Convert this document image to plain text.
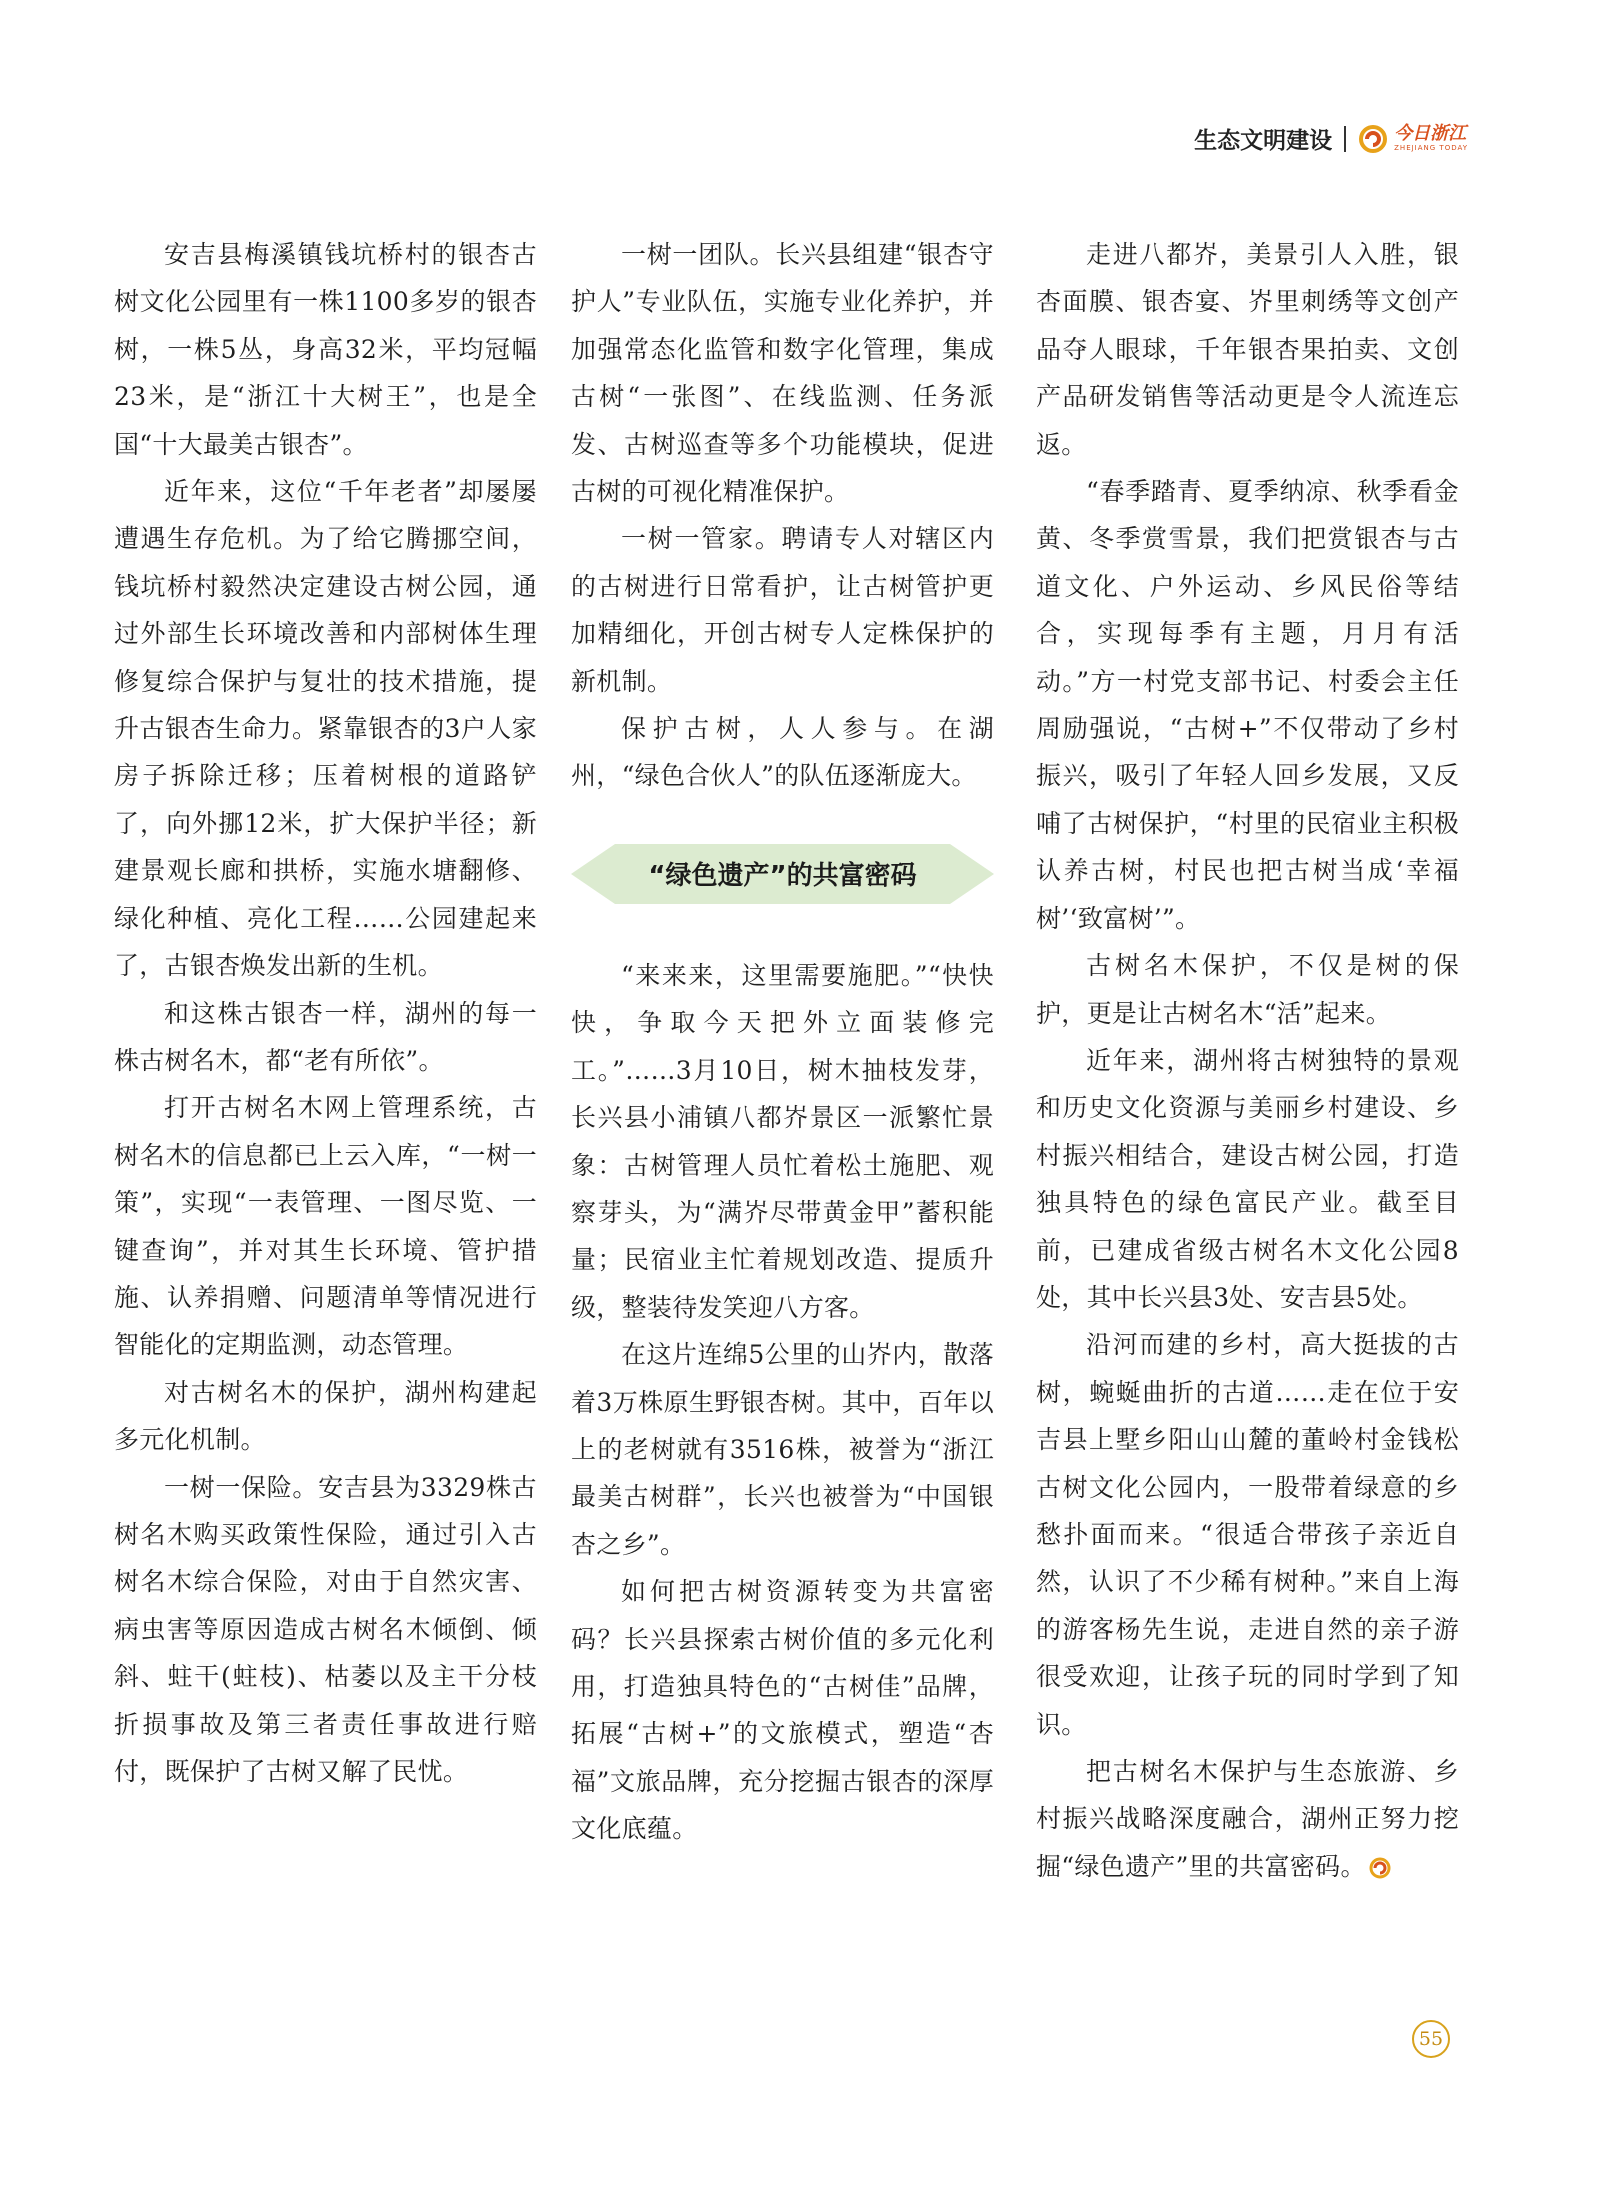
生态文明建设	今日浙江
ZHEJIANG TODAY

安吉县梅溪镇钱坑桥村的银杏古树文化公园里有一株1100多岁的银杏树，一株5丛，身高32米，平均冠幅23米，是“浙江十大树王”，也是全国“十大最美古银杏”。

近年来，这位“千年老者”却屡屡遭遇生存危机。为了给它腾挪空间，钱坑桥村毅然决定建设古树公园，通过外部生长环境改善和内部树体生理修复综合保护与复壮的技术措施，提升古银杏生命力。紧靠银杏的3户人家房子拆除迁移；压着树根的道路铲了，向外挪12米，扩大保护半径；新建景观长廊和拱桥，实施水塘翻修、绿化种植、亮化工程……公园建起来了，古银杏焕发出新的生机。

和这株古银杏一样，湖州的每一株古树名木，都“老有所依”。

打开古树名木网上管理系统，古树名木的信息都已上云入库，“一树一策”，实现“一表管理、一图尽览、一键查询”，并对其生长环境、管护措施、认养捐赠、问题清单等情况进行智能化的定期监测，动态管理。

对古树名木的保护，湖州构建起多元化机制。

一树一保险。安吉县为3329株古树名木购买政策性保险，通过引入古树名木综合保险，对由于自然灾害、病虫害等原因造成古树名木倾倒、倾斜、蛀干(蛀枝)、枯萎以及主干分枝折损事故及第三者责任事故进行赔付，既保护了古树又解了民忧。

一树一团队。长兴县组建“银杏守护人”专业队伍，实施专业化养护，并加强常态化监管和数字化管理，集成古树“一张图”、在线监测、任务派发、古树巡查等多个功能模块，促进古树的可视化精准保护。

一树一管家。聘请专人对辖区内的古树进行日常看护，让古树管护更加精细化，开创古树专人定株保护的新机制。

保护古树，人人参与。在湖州，“绿色合伙人”的队伍逐渐庞大。

“绿色遗产”的共富密码

“来来来，这里需要施肥。”“快快快，争取今天把外立面装修完工。”……3月10日，树木抽枝发芽，长兴县小浦镇八都岕景区一派繁忙景象：古树管理人员忙着松土施肥、观察芽头，为“满岕尽带黄金甲”蓄积能量；民宿业主忙着规划改造、提质升级，整装待发笑迎八方客。

在这片连绵5公里的山岕内，散落着3万株原生野银杏树。其中，百年以上的老树就有3516株，被誉为“浙江最美古树群”，长兴也被誉为“中国银杏之乡”。

如何把古树资源转变为共富密码？长兴县探索古树价值的多元化利用，打造独具特色的“古树佳”品牌，拓展“古树+”的文旅模式，塑造“杏福”文旅品牌，充分挖掘古银杏的深厚文化底蕴。

走进八都岕，美景引人入胜，银杏面膜、银杏宴、岕里刺绣等文创产品夺人眼球，千年银杏果拍卖、文创产品研发销售等活动更是令人流连忘返。

“春季踏青、夏季纳凉、秋季看金黄、冬季赏雪景，我们把赏银杏与古道文化、户外运动、乡风民俗等结合，实现每季有主题，月月有活动。”方一村党支部书记、村委会主任周励强说，“古树+”不仅带动了乡村振兴，吸引了年轻人回乡发展，又反哺了古树保护，“村里的民宿业主积极认养古树，村民也把古树当成‘幸福树’‘致富树’”。

古树名木保护，不仅是树的保护，更是让古树名木“活”起来。

近年来，湖州将古树独特的景观和历史文化资源与美丽乡村建设、乡村振兴相结合，建设古树公园，打造独具特色的绿色富民产业。截至目前，已建成省级古树名木文化公园8处，其中长兴县3处、安吉县5处。

沿河而建的乡村，高大挺拔的古树，蜿蜒曲折的古道……走在位于安吉县上墅乡阳山山麓的董岭村金钱松古树文化公园内，一股带着绿意的乡愁扑面而来。“很适合带孩子亲近自然，认识了不少稀有树种。”来自上海的游客杨先生说，走进自然的亲子游很受欢迎，让孩子玩的同时学到了知识。

把古树名木保护与生态旅游、乡村振兴战略深度融合，湖州正努力挖掘“绿色遗产”里的共富密码。

55
